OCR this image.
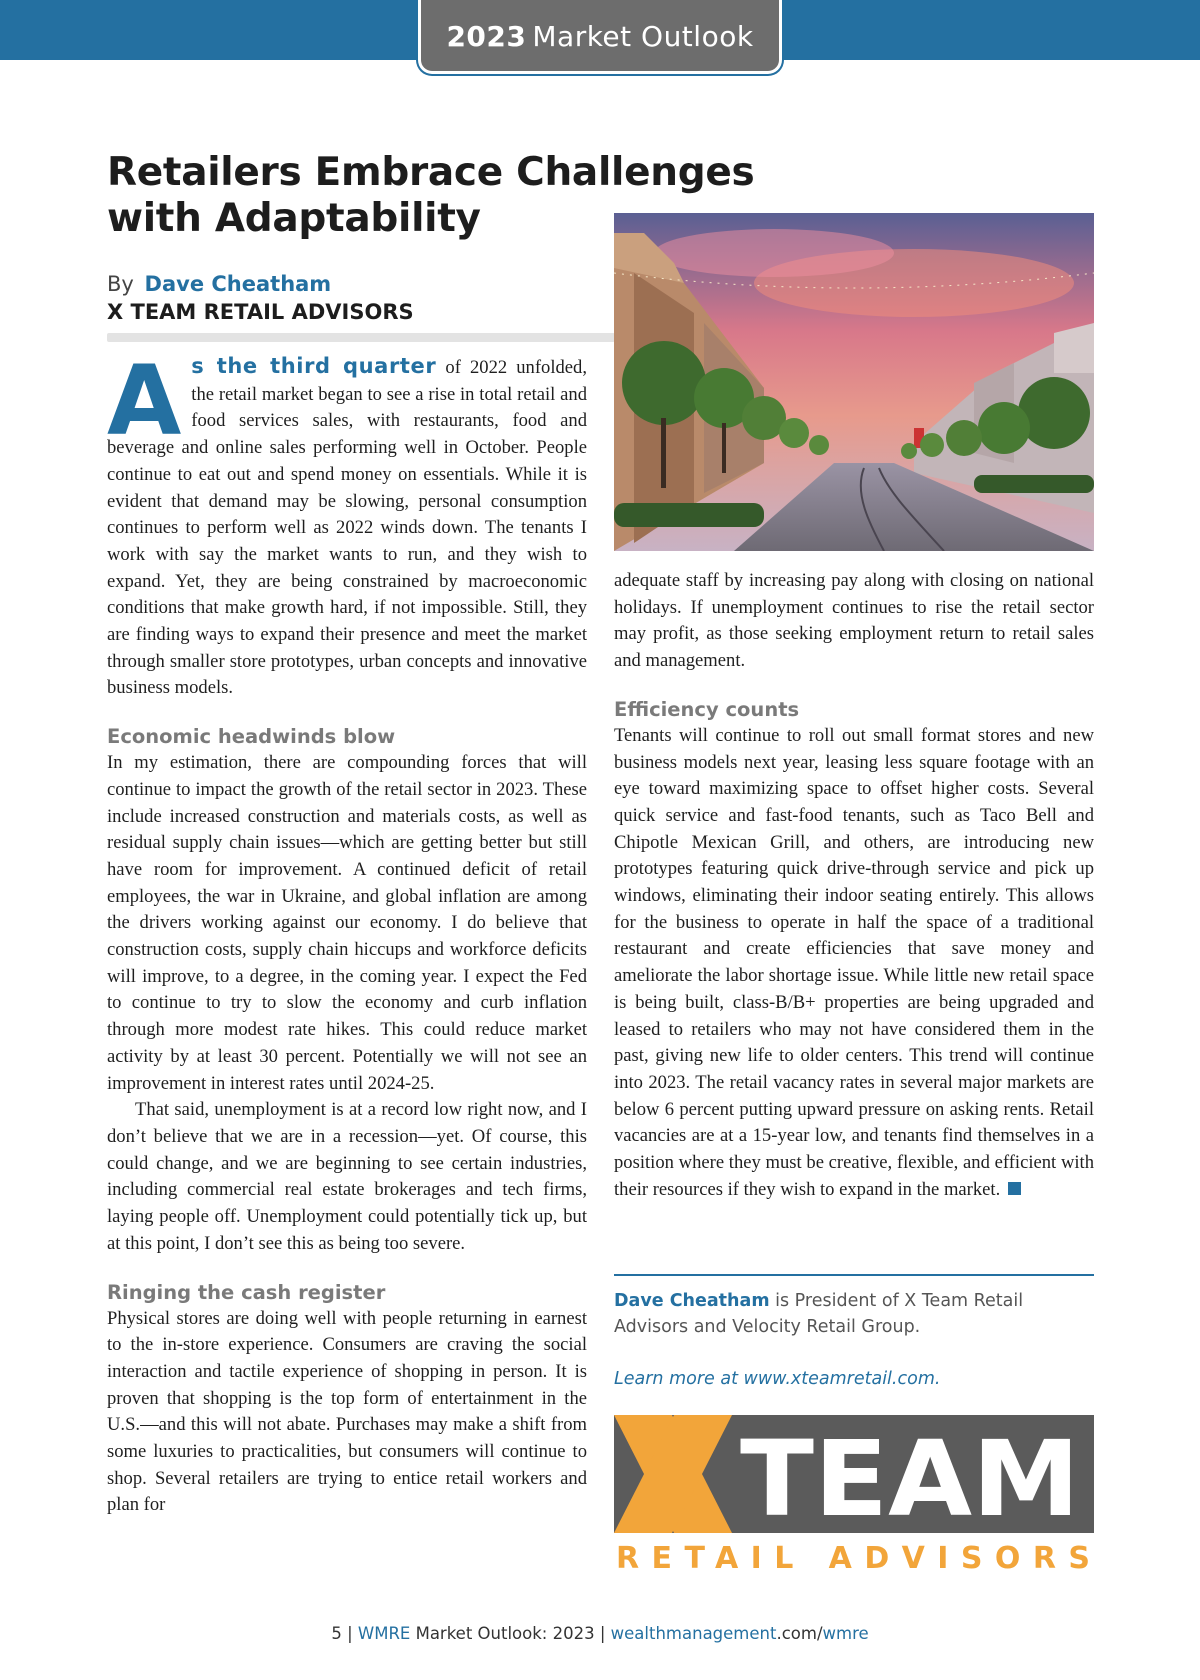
2023 Market Outlook
Retailers Embrace Challenges with Adaptability
By Dave Cheatham
X TEAM RETAIL ADVISORS

As the third quarter of 2022 unfolded, the retail market began to see a rise in total retail and food services sales, with restaurants, food and beverage and online sales performing well in October. People continue to eat out and spend money on essentials. While it is evident that demand may be slowing, personal consumption continues to perform well as 2022 winds down. The tenants I work with say the market wants to run, and they wish to expand. Yet, they are being constrained by macroeconomic conditions that make growth hard, if not impossible. Still, they are finding ways to expand their presence and meet the market through smaller store prototypes, urban concepts and innovative business models.

Economic headwinds blow

In my estimation, there are compounding forces that will continue to impact the growth of the retail sector in 2023. These include increased construction and materials costs, as well as residual supply chain issues—which are getting better but still have room for improvement. A continued deficit of retail employees, the war in Ukraine, and global inflation are among the drivers working against our economy. I do believe that construction costs, supply chain hiccups and workforce deficits will improve, to a degree, in the coming year. I expect the Fed to continue to try to slow the economy and curb inflation through more modest rate hikes. This could reduce market activity by at least 30 percent. Potentially we will not see an improvement in interest rates until 2024-25.

That said, unemployment is at a record low right now, and I don’t believe that we are in a recession—yet. Of course, this could change, and we are beginning to see certain industries, including commercial real estate brokerages and tech firms, laying people off. Unemployment could potentially tick up, but at this point, I don’t see this as being too severe.

Ringing the cash register

Physical stores are doing well with people returning in earnest to the in-store experience. Consumers are craving the social interaction and tactile experience of shopping in person. It is proven that shopping is the top form of entertainment in the U.S.—and this will not abate. Purchases may make a shift from some luxuries to practicalities, but consumers will continue to shop. Several retailers are trying to entice retail workers and plan for

adequate staff by increasing pay along with closing on national holidays. If unemployment continues to rise the retail sector may profit, as those seeking employment return to retail sales and management.

Efficiency counts

Tenants will continue to roll out small format stores and new business models next year, leasing less square footage with an eye toward maximizing space to offset higher costs. Several quick service and fast-food tenants, such as Taco Bell and Chipotle Mexican Grill, and others, are introducing new prototypes featuring quick drive-through service and pick up windows, eliminating their indoor seating entirely. This allows for the business to operate in half the space of a traditional restaurant and create efficiencies that save money and ameliorate the labor shortage issue. While little new retail space is being built, class-B/B+ properties are being upgraded and leased to retailers who may not have considered them in the past, giving new life to older centers. This trend will continue into 2023. The retail vacancy rates in several major markets are below 6 percent putting upward pressure on asking rents. Retail vacancies are at a 15-year low, and tenants find themselves in a position where they must be creative, flexible, and efficient with their resources if they wish to expand in the market.

Dave Cheatham is President of X Team Retail Advisors and Velocity Retail Group.
Learn more at www.xteamretail.com.
TEAM
RETAIL ADVISORS
5 | WMRE Market Outlook: 2023 | wealthmanagement.com/wmre
